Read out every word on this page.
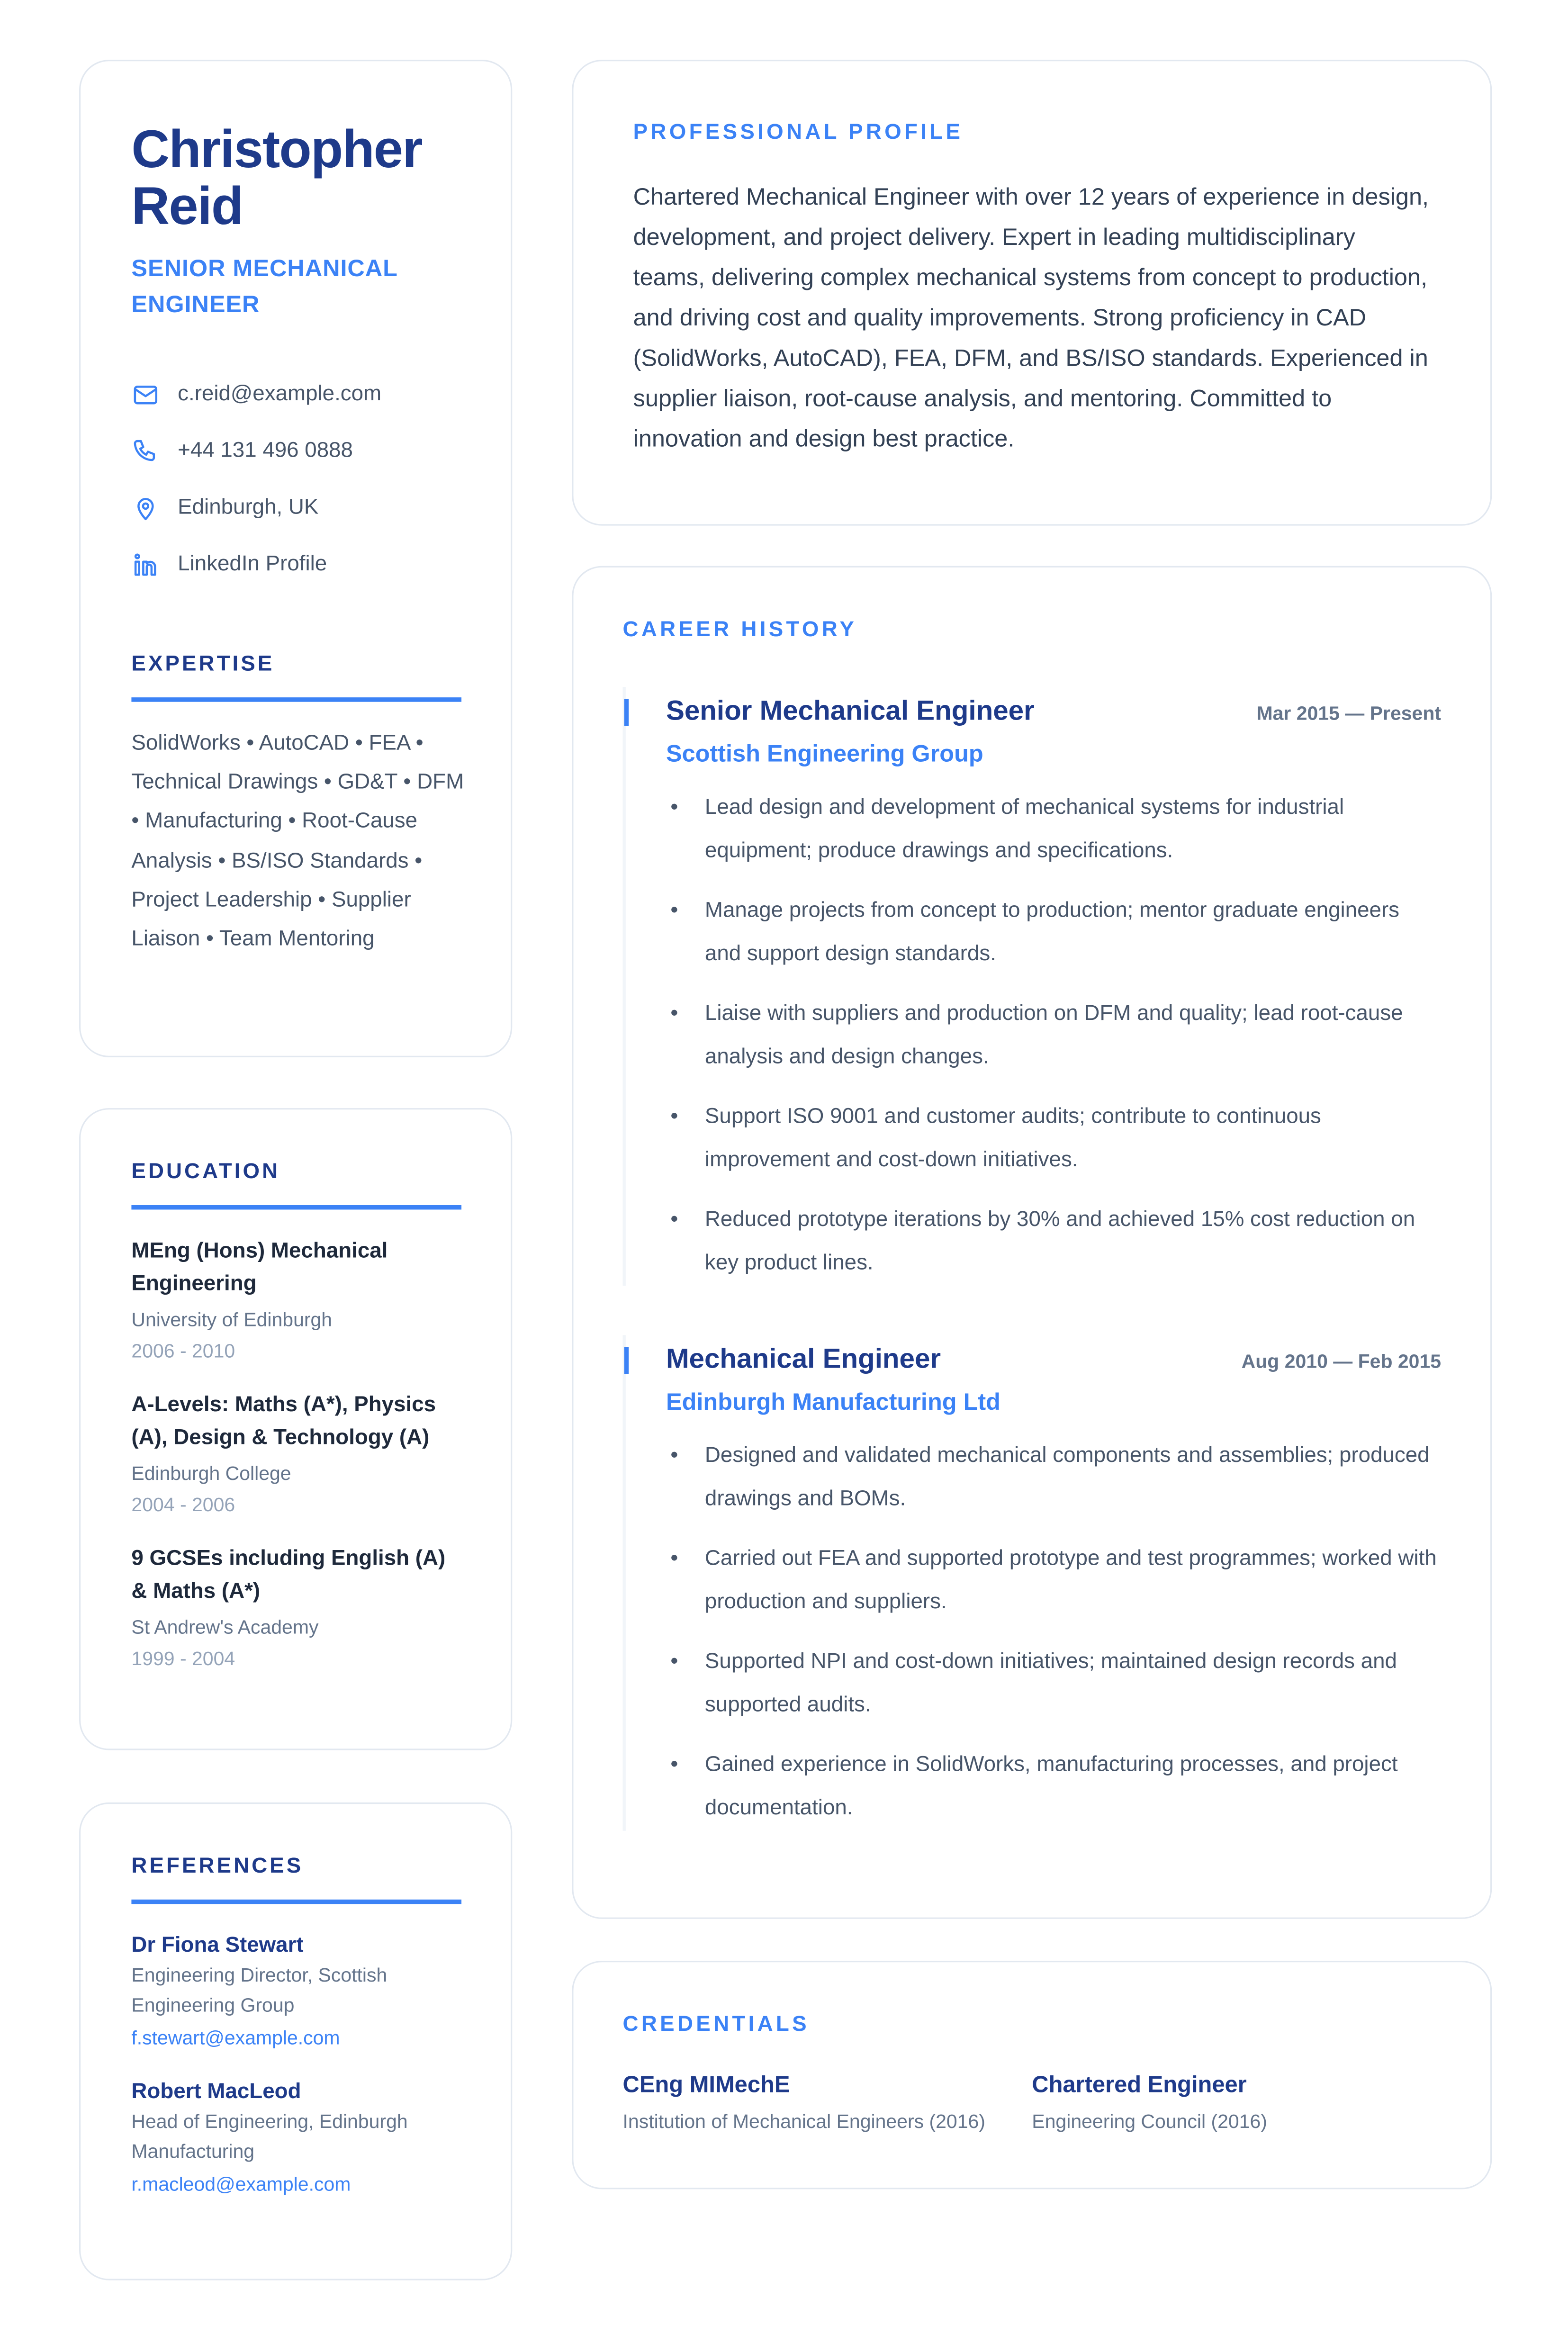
Christopher
Reid
SENIOR MECHANICAL ENGINEER
c.reid@example.com
+44 131 496 0888
Edinburgh, UK
LinkedIn Profile
EXPERTISE
SolidWorks • AutoCAD • FEA • Technical Drawings • GD&T • DFM • Manufacturing • Root-Cause Analysis • BS/ISO Standards • Project Leadership • Supplier Liaison • Team Mentoring
EDUCATION
MEng (Hons) Mechanical Engineering
University of Edinburgh
2006 - 2010
A-Levels: Maths (A*), Physics (A), Design & Technology (A)
Edinburgh College
2004 - 2006
9 GCSEs including English (A) & Maths (A*)
St Andrew's Academy
1999 - 2004
REFERENCES
Dr Fiona Stewart
Engineering Director, Scottish Engineering Group
f.stewart@example.com
Robert MacLeod
Head of Engineering, Edinburgh Manufacturing
r.macleod@example.com
PROFESSIONAL PROFILE

Chartered Mechanical Engineer with over 12 years of experience in design, development, and project delivery. Expert in leading multidisciplinary teams, delivering complex mechanical systems from concept to production, and driving cost and quality improvements. Strong proficiency in CAD (SolidWorks, AutoCAD), FEA, DFM, and BS/ISO standards. Experienced in supplier liaison, root-cause analysis, and mentoring. Committed to innovation and design best practice.

CAREER HISTORY
Senior Mechanical Engineer	Mar 2015 — Present
Scottish Engineering Group
•	Lead design and development of mechanical systems for industrial equipment; produce drawings and specifications.
•	Manage projects from concept to production; mentor graduate engineers and support design standards.
•	Liaise with suppliers and production on DFM and quality; lead root-cause analysis and design changes.
•	Support ISO 9001 and customer audits; contribute to continuous improvement and cost-down initiatives.
•	Reduced prototype iterations by 30% and achieved 15% cost reduction on key product lines.
Mechanical Engineer	Aug 2010 — Feb 2015
Edinburgh Manufacturing Ltd
•	Designed and validated mechanical components and assemblies; produced drawings and BOMs.
•	Carried out FEA and supported prototype and test programmes; worked with production and suppliers.
•	Supported NPI and cost-down initiatives; maintained design records and supported audits.
•	Gained experience in SolidWorks, manufacturing processes, and project documentation.
CREDENTIALS
CEng MIMechE
Institution of Mechanical Engineers (2016)
Chartered Engineer
Engineering Council (2016)
